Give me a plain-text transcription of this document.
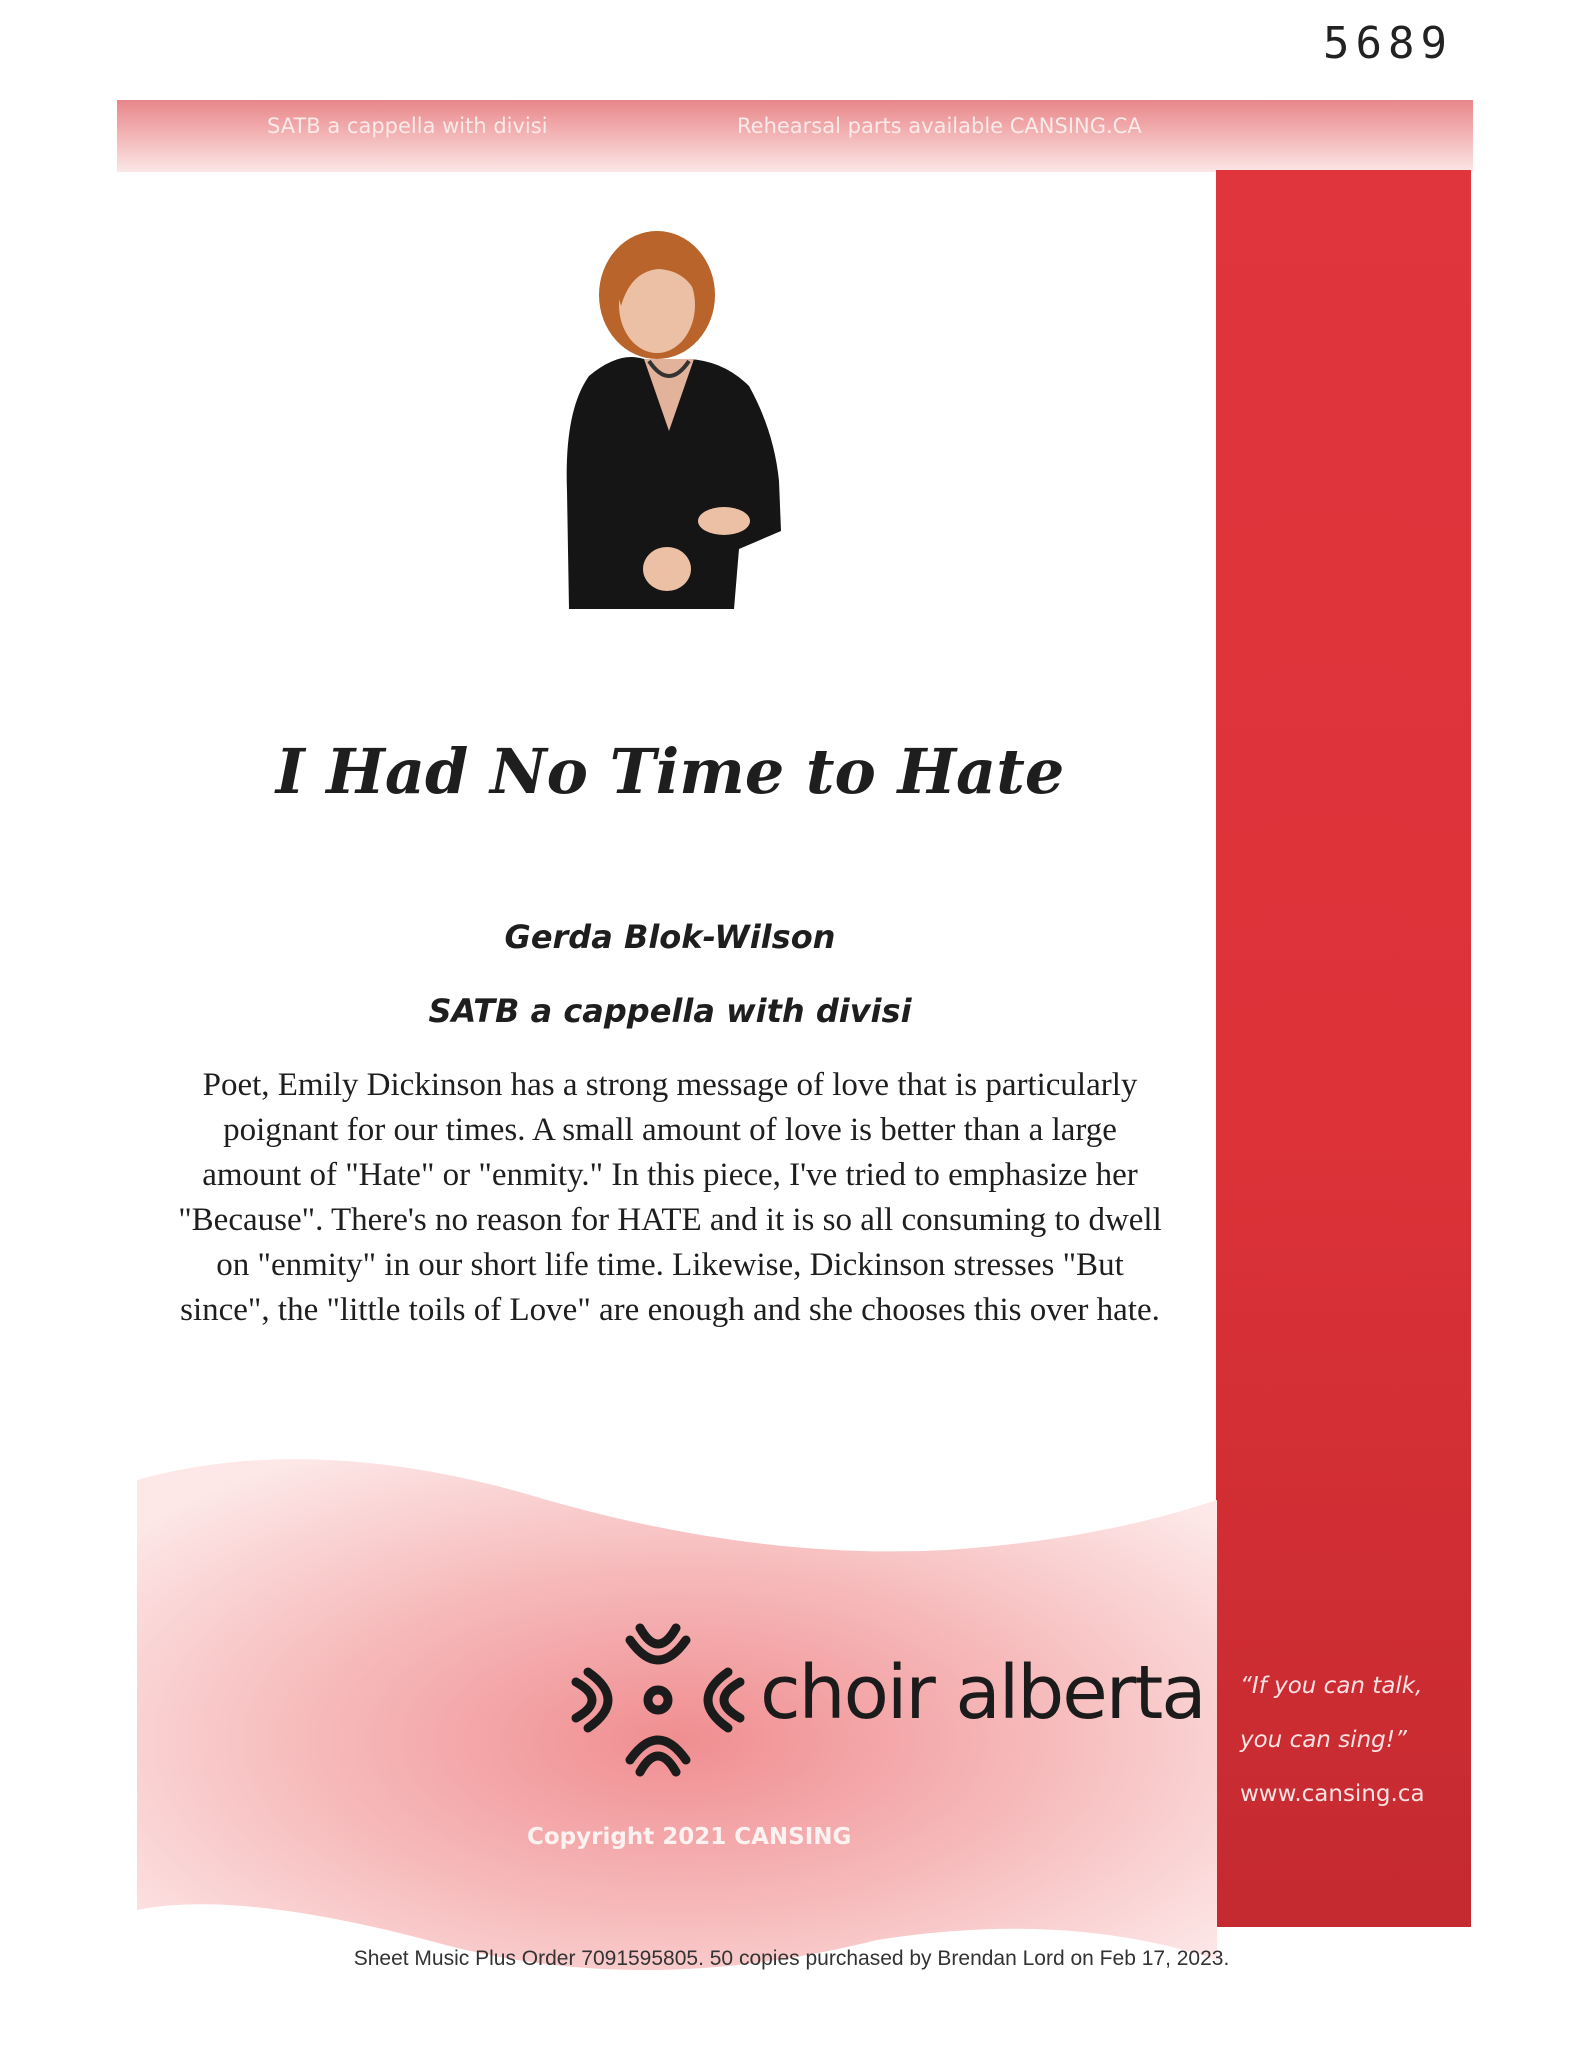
5689
SATB a cappella with divisi	Rehearsal parts available CANSING.CA
I Had No Time to Hate
Gerda Blok-Wilson
SATB a cappella with divisi
Poet, Emily Dickinson has a strong message of love that is particularly poignant for our times. A small amount of love is better than a large amount of "Hate" or "enmity." In this piece, I've tried to emphasize her "Because". There's no reason for HATE and it is so all consuming to dwell on "enmity" in our short life time. Likewise, Dickinson stresses "But since", the "little toils of Love" are enough and she chooses this over hate.
choir alberta “If you can talk,
you can sing!”
www.cansing.ca
Copyright 2021 CANSING
Sheet Music Plus Order 7091595805. 50 copies purchased by Brendan Lord on Feb 17, 2023.
